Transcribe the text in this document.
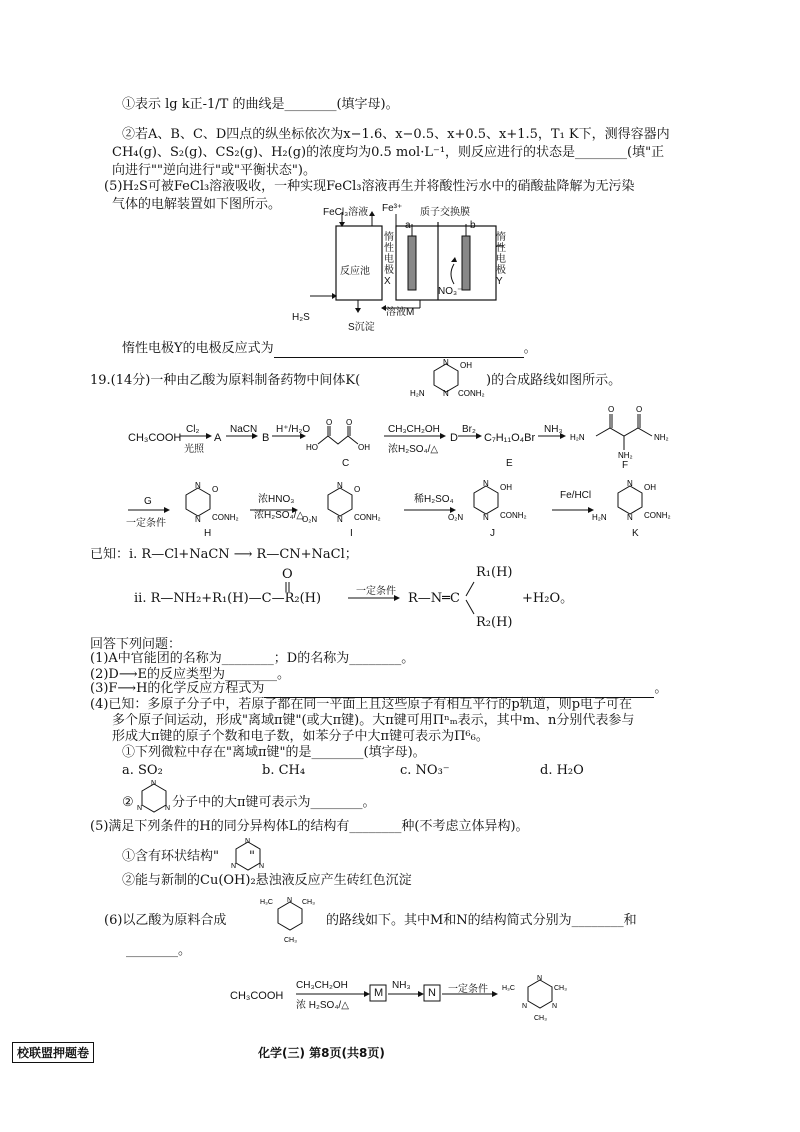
①表示 lg k正-1/T 的曲线是________(填字母)。
②若A、B、C、D四点的纵坐标依次为x−1.6、x−0.5、x+0.5、x+1.5，T₁ K下，测得容器内
CH₄(g)、S₂(g)、CS₂(g)、H₂(g)的浓度均为0.5 mol·L⁻¹，则反应进行的状态是________(填"正
向进行""逆向进行"或"平衡状态")。
(5)H₂S可被FeCl₃溶液吸收，一种实现FeCl₃溶液再生并将酸性污水中的硝酸盐降解为无污染
气体的电解装置如下图所示。
FeCl₃溶液 Fe³⁺ 质子交换膜
a	b
反应池
惰
性
电
极
X
惰
性
电
极
Y
NO₃⁻
H₂S	溶液M
S沉淀
惰性电极Y的电极反应式为	。
19.(14分)一种由乙酸为原料制备药物中间体K(
N
N
OH
H₂N	CONH₂
)的合成路线如图所示。
CH₃COOH
Cl₂
光照
A
NaCN
B
H⁺/H₂O
HO	OH
O O
C
CH₃CH₂OH
浓H₂SO₄/△
D
Br₂
C₇H₁₁O₄Br
E
NH₃
O	O
H₂N	NH₂
NH₂
F
G
一定条件
N
N
O
CONH₂
H
浓HNO₃
浓H₂SO₄/△
N
N
O
O₂N	CONH₂
I
稀H₂SO₄
N
N
OH
O₂N	CONH₂
J
Fe/HCl
N
N
OH
H₂N	CONH₂
K
已知：i. R—Cl+NaCN ⟶ R—CN+NaCl；
ii. R—NH₂+R₁(H)—C—R₂(H)
O
一定条件 R—N═C
R₁(H)
R₂(H)
+H₂O。
回答下列问题：
(1)A中官能团的名称为________；D的名称为________。
(2)D⟶E的反应类型为________。
(3)F⟶H的化学反应方程式为	。
(4)已知：多原子分子中，若原子都在同一平面上且这些原子有相互平行的p轨道，则p电子可在
多个原子间运动，形成"离域π键"(或大π键)。大π键可用Πⁿₘ表示，其中m、n分别代表参与
形成大π键的原子个数和电子数，如苯分子中大π键可表示为Π⁶₆。
①下列微粒中存在"离域π键"的是________(填字母)。
a. SO₂	b. CH₄	c. NO₃⁻	d. H₂O
②
N
N	N 分子中的大π键可表示为________。
(5)满足下列条件的H的同分异构体L的结构有________种(不考虑立体异构)。
①含有环状结构" "
N
N	N
②能与新制的Cu(OH)₂悬浊液反应产生砖红色沉淀
(6)以乙酸为原料合成
H₃C	CH₃
CH₃
N
的路线如下。其中M和N的结构简式分别为________和
________。
CH₃COOH
CH₃CH₂OH
浓 H₂SO₄/△
M
NH₃
N 一定条件 H₃C	CH₃
CH₃
N
N	N
校联盟押题卷	化学(三) 第8页(共8页)
